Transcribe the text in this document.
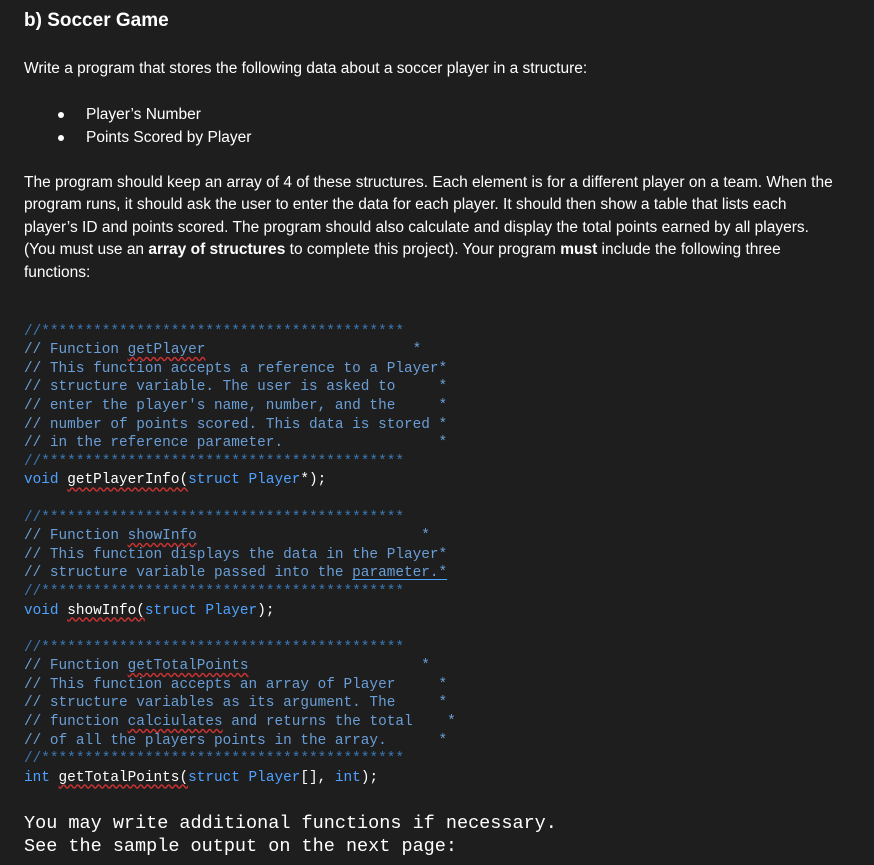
b) Soccer Game
Write a program that stores the following data about a soccer player in a structure:
Player’s Number
Points Scored by Player
The program should keep an array of 4 of these structures. Each element is for a different player on a team. When the program runs, it should ask the user to enter the data for each player. It should then show a table that lists each player’s ID and points scored. The program should also calculate and display the total points earned by all players. (You must use an array of structures to complete this project). Your program must include the following three functions:

//******************************************
// Function getPlayer                        *
// This function accepts a reference to a Player*
// structure variable. The user is asked to     *
// enter the player's name, number, and the     *
// number of points scored. This data is stored *
// in the reference parameter.                  *
//******************************************
void getPlayerInfo(struct Player*);

//******************************************
// Function showInfo                          *
// This function displays the data in the Player*
// structure variable passed into the parameter.*
//******************************************
void showInfo(struct Player);

//******************************************
// Function getTotalPoints                    *
// This function accepts an array of Player     *
// structure variables as its argument. The     *
// function calciulates and returns the total    *
// of all the players points in the array.      *
//******************************************
int getTotalPoints(struct Player[], int);

You may write additional functions if necessary.
See the sample output on the next page:
